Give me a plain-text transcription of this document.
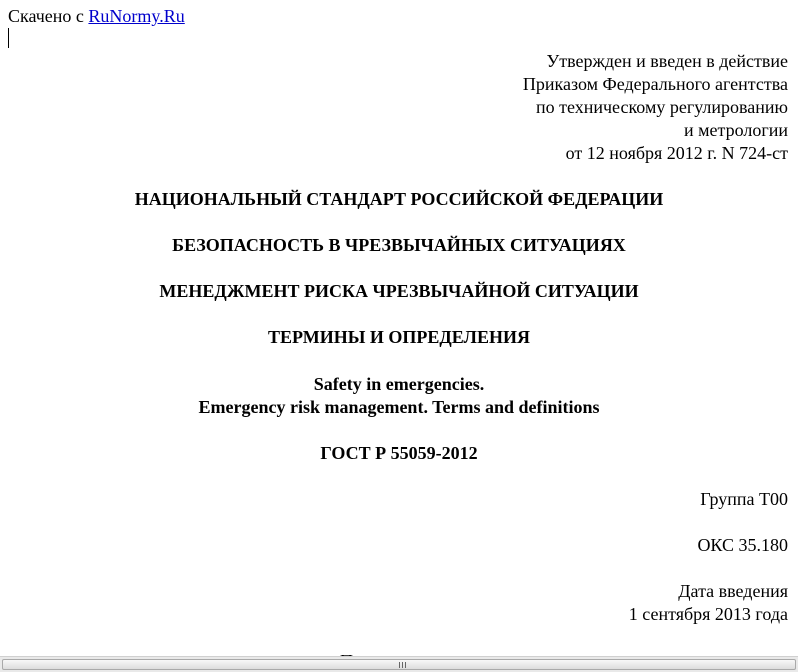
Скачено с RuNormy.Ru
Утвержден и введен в действие
Приказом Федерального агентства
по техническому регулированию
и метрологии
от 12 ноября 2012 г. N 724-ст
НАЦИОНАЛЬНЫЙ СТАНДАРТ РОССИЙСКОЙ ФЕДЕРАЦИИ
БЕЗОПАСНОСТЬ В ЧРЕЗВЫЧАЙНЫХ СИТУАЦИЯХ
МЕНЕДЖМЕНТ РИСКА ЧРЕЗВЫЧАЙНОЙ СИТУАЦИИ
ТЕРМИНЫ И ОПРЕДЕЛЕНИЯ
Safety in emergencies.
Emergency risk management. Terms and definitions
ГОСТ Р 55059-2012
Группа Т00
ОКС 35.180
Дата введения
1 сентября 2013 года
